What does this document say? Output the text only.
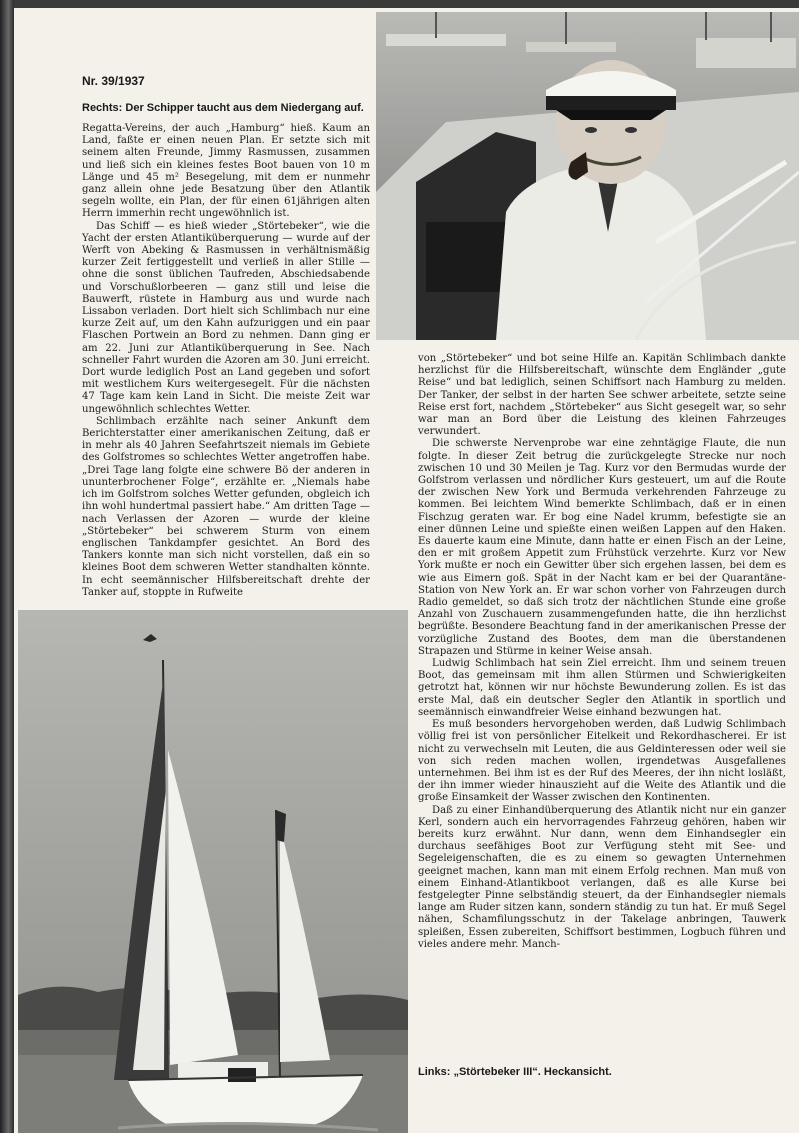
Nr. 39/1937
Rechts: Der Schipper taucht aus dem Niedergang auf.

Regatta-Vereins, der auch „Hamburg“ hieß. Kaum an Land, faßte er einen neuen Plan. Er setzte sich mit seinem alten Freunde, Jimmy Rasmussen, zusammen und ließ sich ein kleines festes Boot bauen von 10 m Länge und 45 m² Besegelung, mit dem er nunmehr ganz allein ohne jede Besatzung über den Atlantik segeln wollte, ein Plan, der für einen 61jährigen alten Herrn immerhin recht ungewöhnlich ist.

Das Schiff — es hieß wieder „Störtebeker“, wie die Yacht der ersten Atlantiküberquerung — wurde auf der Werft von Abeking & Rasmussen in verhältnismäßig kurzer Zeit fertiggestellt und verließ in aller Stille — ohne die sonst üblichen Taufreden, Abschiedsabende und Vorschußlorbeeren — ganz still und leise die Bauwerft, rüstete in Hamburg aus und wurde nach Lissabon verladen. Dort hielt sich Schlimbach nur eine kurze Zeit auf, um den Kahn aufzuriggen und ein paar Flaschen Portwein an Bord zu nehmen. Dann ging er am 22. Juni zur Atlantiküberquerung in See. Nach schneller Fahrt wurden die Azoren am 30. Juni erreicht. Dort wurde lediglich Post an Land gegeben und sofort mit westlichem Kurs weitergesegelt. Für die nächsten 47 Tage kam kein Land in Sicht. Die meiste Zeit war ungewöhnlich schlechtes Wetter.

Schlimbach erzählte nach seiner Ankunft dem Berichterstatter einer amerikanischen Zeitung, daß er in mehr als 40 Jahren Seefahrtszeit niemals im Gebiete des Golfstromes so schlechtes Wetter angetroffen habe. „Drei Tage lang folgte eine schwere Bö der anderen in ununterbrochener Folge“, erzählte er. „Niemals habe ich im Golfstrom solches Wetter gefunden, obgleich ich ihn wohl hundertmal passiert habe.“ Am dritten Tage — nach Verlassen der Azoren — wurde der kleine „Störtebeker“ bei schwerem Sturm von einem englischen Tankdampfer gesichtet. An Bord des Tankers konnte man sich nicht vorstellen, daß ein so kleines Boot dem schweren Wetter standhalten könnte. In echt seemännischer Hilfsbereitschaft drehte der Tanker auf, stoppte in Rufweite

von „Störtebeker“ und bot seine Hilfe an. Kapitän Schlimbach dankte herzlichst für die Hilfsbereitschaft, wünschte dem Engländer „gute Reise“ und bat lediglich, seinen Schiffsort nach Hamburg zu melden. Der Tanker, der selbst in der harten See schwer arbeitete, setzte seine Reise erst fort, nachdem „Störtebeker“ aus Sicht gesegelt war, so sehr war man an Bord über die Leistung des kleinen Fahrzeuges verwundert.

Die schwerste Nervenprobe war eine zehntägige Flaute, die nun folgte. In dieser Zeit betrug die zurückgelegte Strecke nur noch zwischen 10 und 30 Meilen je Tag. Kurz vor den Bermudas wurde der Golfstrom verlassen und nördlicher Kurs gesteuert, um auf die Route der zwischen New York und Bermuda verkehrenden Fahrzeuge zu kommen. Bei leichtem Wind bemerkte Schlimbach, daß er in einen Fischzug geraten war. Er bog eine Nadel krumm, befestigte sie an einer dünnen Leine und spießte einen weißen Lappen auf den Haken. Es dauerte kaum eine Minute, dann hatte er einen Fisch an der Leine, den er mit großem Appetit zum Frühstück verzehrte. Kurz vor New York mußte er noch ein Gewitter über sich ergehen lassen, bei dem es wie aus Eimern goß. Spät in der Nacht kam er bei der Quarantäne-Station von New York an. Er war schon vorher von Fahrzeugen durch Radio gemeldet, so daß sich trotz der nächtlichen Stunde eine große Anzahl von Zuschauern zusammengefunden hatte, die ihn herzlichst begrüßte. Besondere Beachtung fand in der amerikanischen Presse der vorzügliche Zustand des Bootes, dem man die überstandenen Strapazen und Stürme in keiner Weise ansah.

Ludwig Schlimbach hat sein Ziel erreicht. Ihm und seinem treuen Boot, das gemeinsam mit ihm allen Stürmen und Schwierigkeiten getrotzt hat, können wir nur höchste Bewunderung zollen. Es ist das erste Mal, daß ein deutscher Segler den Atlantik in sportlich und seemännisch einwandfreier Weise einhand bezwungen hat.

Es muß besonders hervorgehoben werden, daß Ludwig Schlimbach völlig frei ist von persönlicher Eitelkeit und Rekordhascherei. Er ist nicht zu verwechseln mit Leuten, die aus Geldinteressen oder weil sie von sich reden machen wollen, irgendetwas Ausgefallenes unternehmen. Bei ihm ist es der Ruf des Meeres, der ihn nicht losläßt, der ihn immer wieder hinauszieht auf die Weite des Atlantik und die große Einsamkeit der Wasser zwischen den Kontinenten.

Daß zu einer Einhandüberquerung des Atlantik nicht nur ein ganzer Kerl, sondern auch ein hervorragendes Fahrzeug gehören, haben wir bereits kurz erwähnt. Nur dann, wenn dem Einhandsegler ein durchaus seefähiges Boot zur Verfügung steht mit See- und Segeleigenschaften, die es zu einem so gewagten Unternehmen geeignet machen, kann man mit einem Erfolg rechnen. Man muß von einem Einhand-Atlantikboot verlangen, daß es alle Kurse bei festgelegter Pinne selbständig steuert, da der Einhandsegler niemals lange am Ruder sitzen kann, sondern ständig zu tun hat. Er muß Segel nähen, Schamfilungsschutz in der Takelage anbringen, Tauwerk spleißen, Essen zubereiten, Schiffsort bestimmen, Logbuch führen und vieles andere mehr. Manch-

Links: „Störtebeker III“. Heckansicht.
